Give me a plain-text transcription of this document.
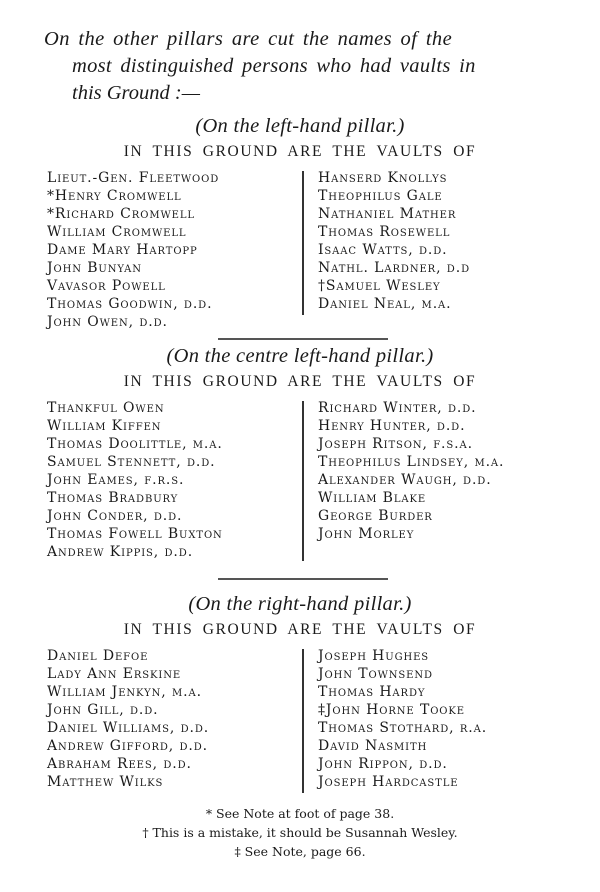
On the other pillars are cut the names of the
most distinguished persons who had vaults in
this Ground :—
(On the left-hand pillar.)
IN THIS GROUND ARE THE VAULTS OF
Lieut.-Gen. Fleetwood
*Henry Cromwell
*Richard Cromwell
William Cromwell
Dame Mary Hartopp
John Bunyan
Vavasor Powell
Thomas Goodwin, d.d.
John Owen, d.d.
Hanserd Knollys
Theophilus Gale
Nathaniel Mather
Thomas Rosewell
Isaac Watts, d.d.
Nathl. Lardner, d.d
†Samuel Wesley
Daniel Neal, m.a.
(On the centre left-hand pillar.)
IN THIS GROUND ARE THE VAULTS OF
Thankful Owen
William Kiffen
Thomas Doolittle, m.a.
Samuel Stennett, d.d.
John Eames, f.r.s.
Thomas Bradbury
John Conder, d.d.
Thomas Fowell Buxton
Andrew Kippis, d.d.
Richard Winter, d.d.
Henry Hunter, d.d.
Joseph Ritson, f.s.a.
Theophilus Lindsey, m.a.
Alexander Waugh, d.d.
William Blake
George Burder
John Morley
(On the right-hand pillar.)
IN THIS GROUND ARE THE VAULTS OF
Daniel Defoe
Lady Ann Erskine
William Jenkyn, m.a.
John Gill, d.d.
Daniel Williams, d.d.
Andrew Gifford, d.d.
Abraham Rees, d.d.
Matthew Wilks
Joseph Hughes
John Townsend
Thomas Hardy
‡John Horne Tooke
Thomas Stothard, r.a.
David Nasmith
John Rippon, d.d.
Joseph Hardcastle
* See Note at foot of page 38.
† This is a mistake, it should be Susannah Wesley.
‡ See Note, page 66.
